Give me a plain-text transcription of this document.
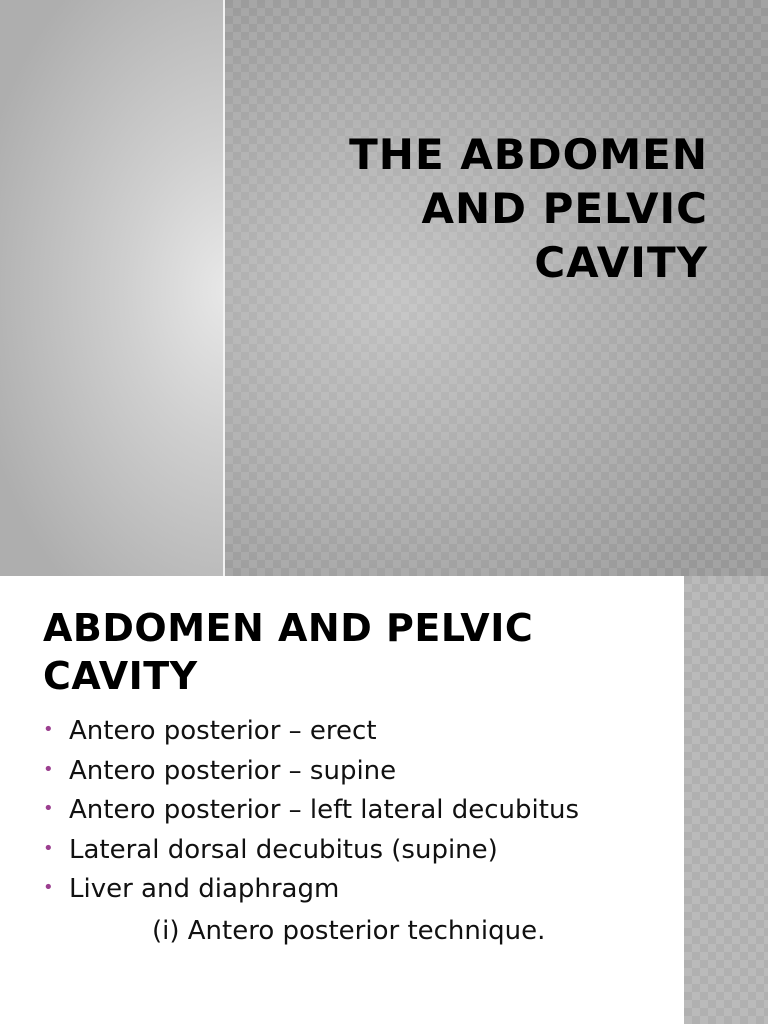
THE ABDOMEN
AND PELVIC
CAVITY
ABDOMEN AND PELVIC
CAVITY
• Antero posterior – erect
• Antero posterior – supine
• Antero posterior – left lateral decubitus
• Lateral dorsal decubitus (supine)
• Liver and diaphragm
(i) Antero posterior technique.
